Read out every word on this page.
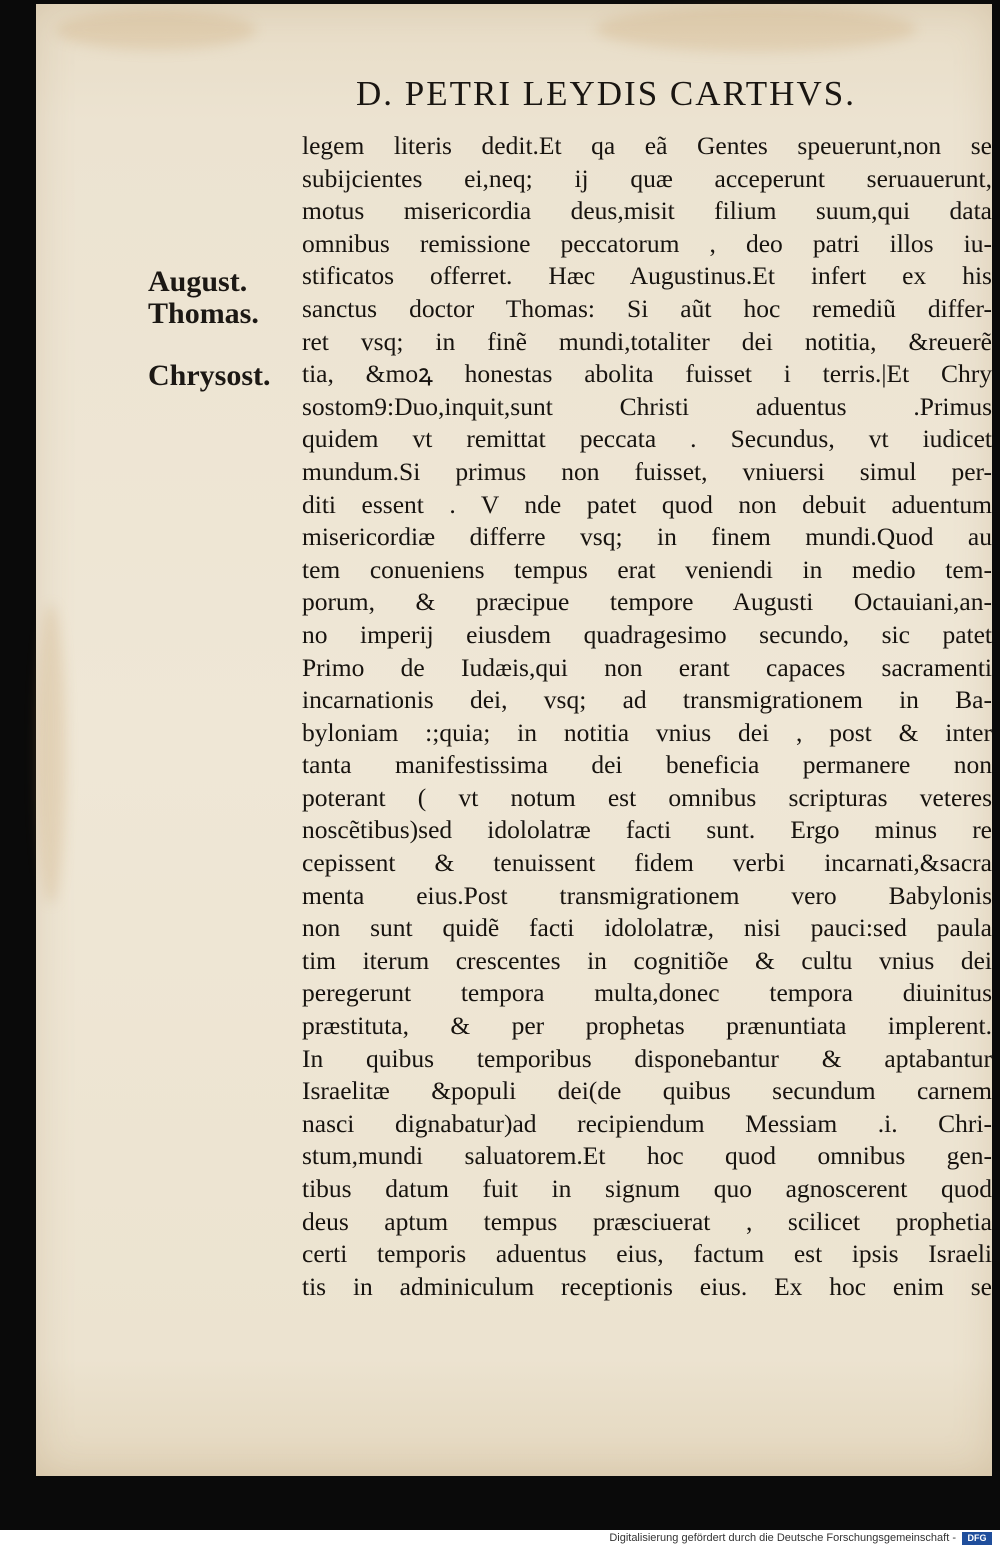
D. PETRI LEYDIS CARTHVS.
August.
Thomas.
Chrysost.
legem literis dedit.Et qa eã Gentes speuerunt,non se
subijcientes ei,neq; ij quæ acceperunt seruauerunt,
motus misericordia deus,misit filium suum,qui data
omnibus remissione peccatorum , deo patri illos iu-
stificatos offerret. Hæc Augustinus.Et infert ex his
sanctus doctor Thomas: Si aũt hoc remediũ differ-
ret vsq; in finẽ mundi,totaliter dei notitia, &reuerẽ
tia, &moꝝ honestas abolita fuisset i terris.|Et Chry
sostom9:Duo,inquit,sunt Christi aduentus .Primus
quidem vt remittat peccata . Secundus, vt iudicet
mundum.Si primus non fuisset, vniuersi simul per-
diti essent . V nde patet quod non debuit aduentum
misericordiæ differre vsq; in finem mundi.Quod au
tem conueniens tempus erat veniendi in medio tem-
porum, & præcipue tempore Augusti Octauiani,an-
no imperij eiusdem quadragesimo secundo, sic patet
Primo de Iudæis,qui non erant capaces sacramenti
incarnationis dei, vsq; ad transmigrationem in Ba-
byloniam :;quia; in notitia vnius dei , post & inter
tanta manifestissima dei beneficia permanere non
poterant ( vt notum est omnibus scripturas veteres
noscẽtibus)sed idololatræ facti sunt. Ergo minus re
cepissent & tenuissent fidem verbi incarnati,&sacra
menta eius.Post transmigrationem vero Babylonis
non sunt quidẽ facti idololatræ, nisi pauci:sed paula
tim iterum crescentes in cognitiõe & cultu vnius dei
peregerunt tempora multa,donec tempora diuinitus
præstituta, & per prophetas prænuntiata implerent.
In quibus temporibus disponebantur & aptabantur
Israelitæ &populi dei(de quibus secundum carnem
nasci dignabatur)ad recipiendum Messiam .i. Chri-
stum,mundi saluatorem.Et hoc quod omnibus gen-
tibus datum fuit in signum quo agnoscerent quod
deus aptum tempus præsciuerat , scilicet prophetia
certi temporis aduentus eius, factum est ipsis Israeli
tis in adminiculum receptionis eius. Ex hoc enim se
Digitalisierung gefördert durch die Deutsche Forschungsgemeinschaft -	DFG
